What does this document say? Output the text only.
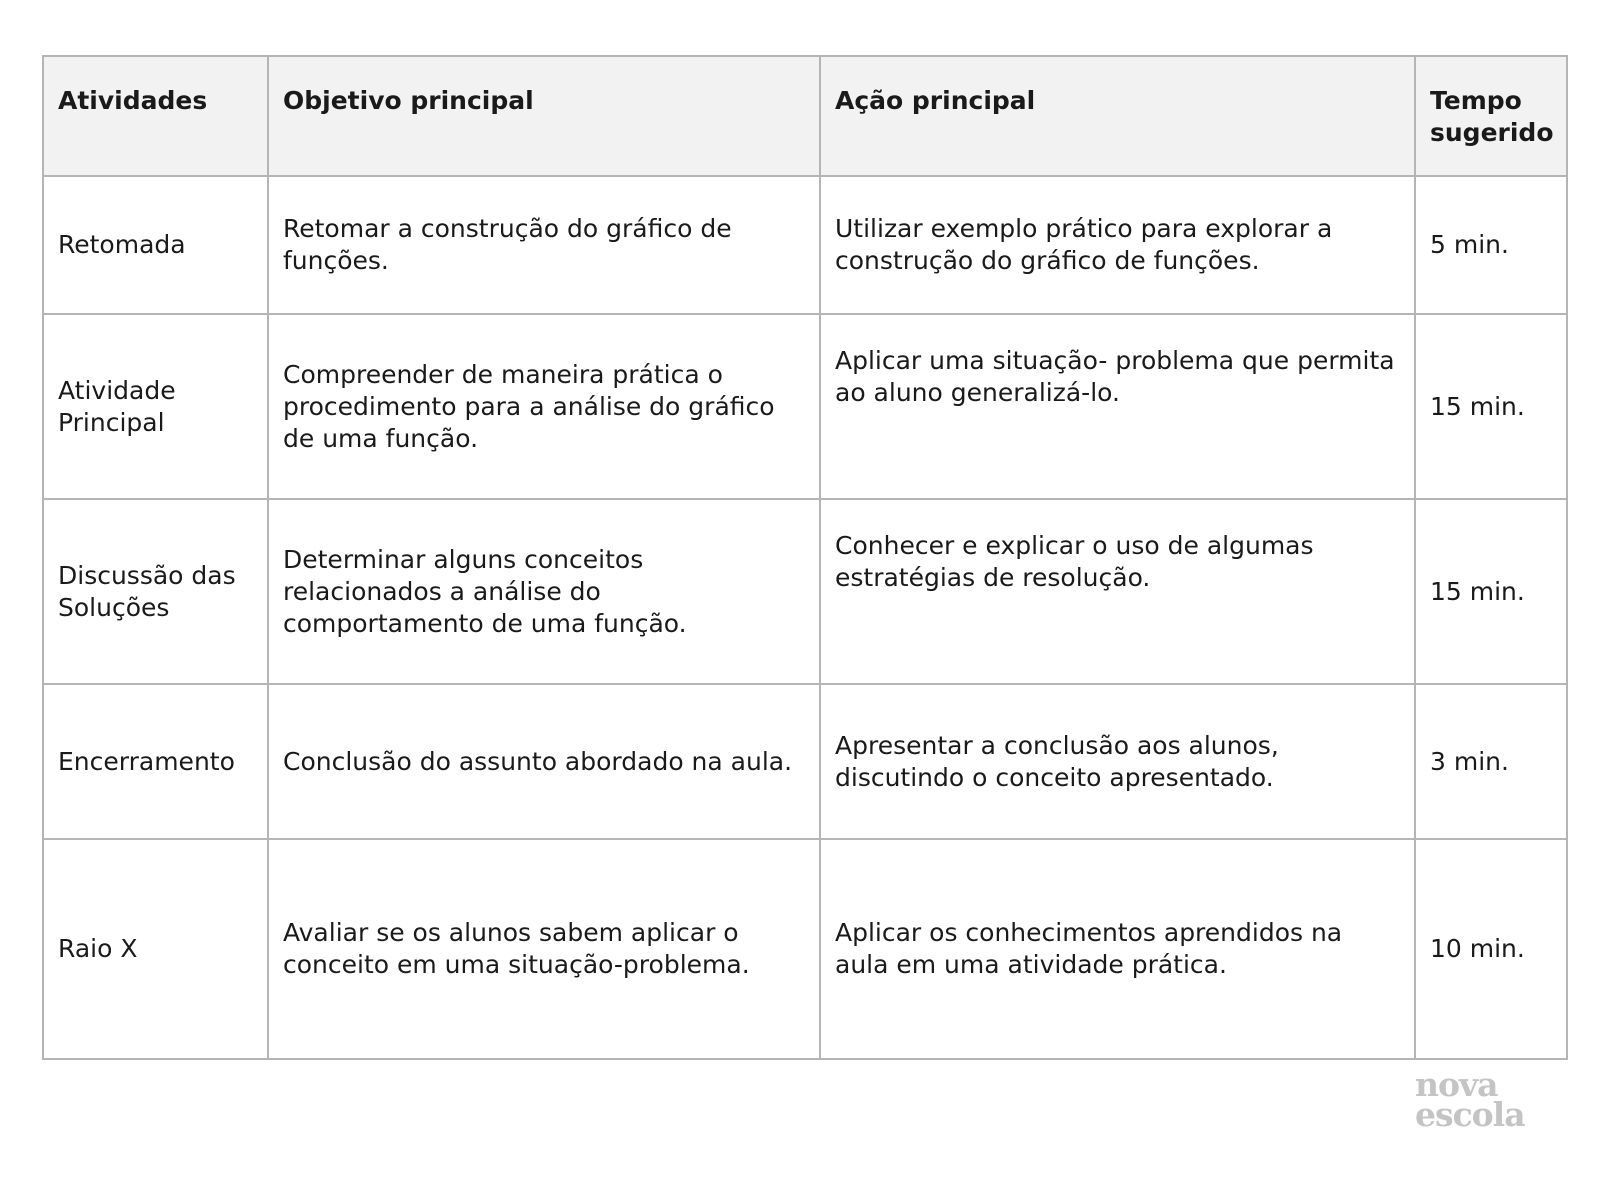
Atividades	Objetivo principal	Ação principal	Tempo sugerido
Retomada	Retomar a construção do gráfico de funções.	Utilizar exemplo prático para explorar a construção do gráfico de funções.	5 min.
Atividade Principal	Compreender de maneira prática o procedimento para a análise do gráfico de uma função.	Aplicar uma situação- problema que permita ao aluno generalizá-lo.	15 min.
Discussão das Soluções	Determinar alguns conceitos relacionados a análise do comportamento de uma função.	Conhecer e explicar o uso de algumas estratégias de resolução.	15 min.
Encerramento	Conclusão do assunto abordado na aula.	Apresentar a conclusão aos alunos, discutindo o conceito apresentado.	3 min.
Raio X	Avaliar se os alunos sabem aplicar o conceito em uma situação-problema.	Aplicar os conhecimentos aprendidos na aula em uma atividade prática.	10 min.
nova
escola
